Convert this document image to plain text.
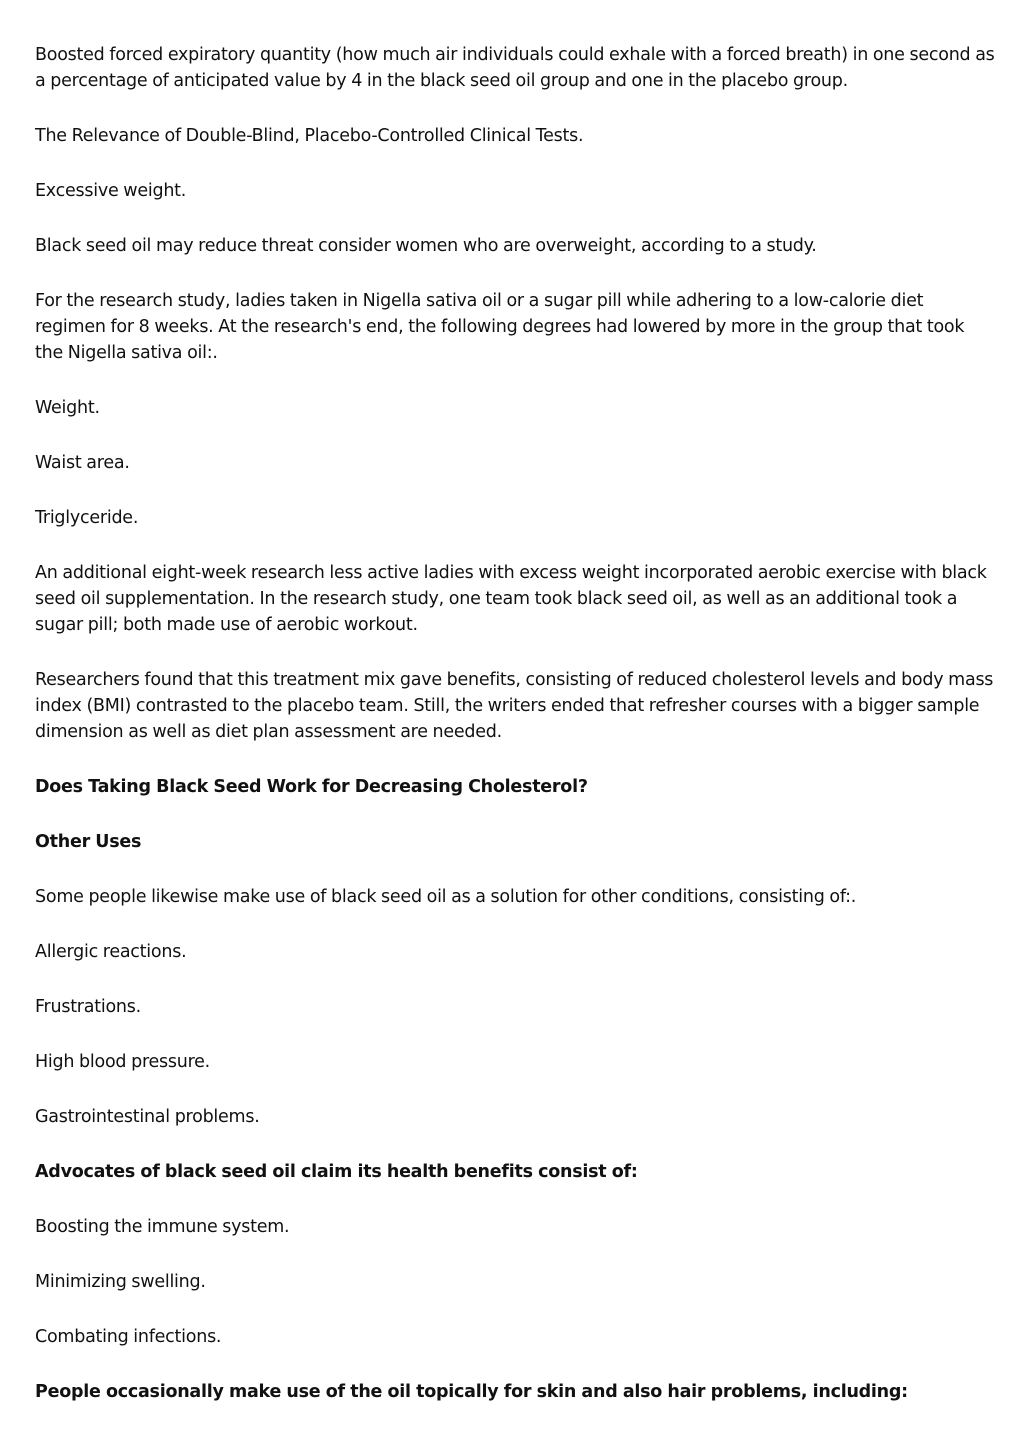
Boosted forced expiratory quantity (how much air individuals could exhale with a forced breath) in one second as a percentage of anticipated value by 4 in the black seed oil group and one in the placebo group.

The Relevance of Double-Blind, Placebo-Controlled Clinical Tests.

Excessive weight.

Black seed oil may reduce threat consider women who are overweight, according to a study.

For the research study, ladies taken in Nigella sativa oil or a sugar pill while adhering to a low-calorie diet regimen for 8 weeks. At the research's end, the following degrees had lowered by more in the group that took the Nigella sativa oil:.

Weight.

Waist area.

Triglyceride.

An additional eight-week research less active ladies with excess weight incorporated aerobic exercise with black seed oil supplementation. In the research study, one team took black seed oil, as well as an additional took a sugar pill; both made use of aerobic workout.

Researchers found that this treatment mix gave benefits, consisting of reduced cholesterol levels and body mass index (BMI) contrasted to the placebo team. Still, the writers ended that refresher courses with a bigger sample dimension as well as diet plan assessment are needed.

Does Taking Black Seed Work for Decreasing Cholesterol?

Other Uses

Some people likewise make use of black seed oil as a solution for other conditions, consisting of:.

Allergic reactions.

Frustrations.

High blood pressure.

Gastrointestinal problems.

Advocates of black seed oil claim its health benefits consist of:

Boosting the immune system.

Minimizing swelling.

Combating infections.

People occasionally make use of the oil topically for skin and also hair problems, including:
